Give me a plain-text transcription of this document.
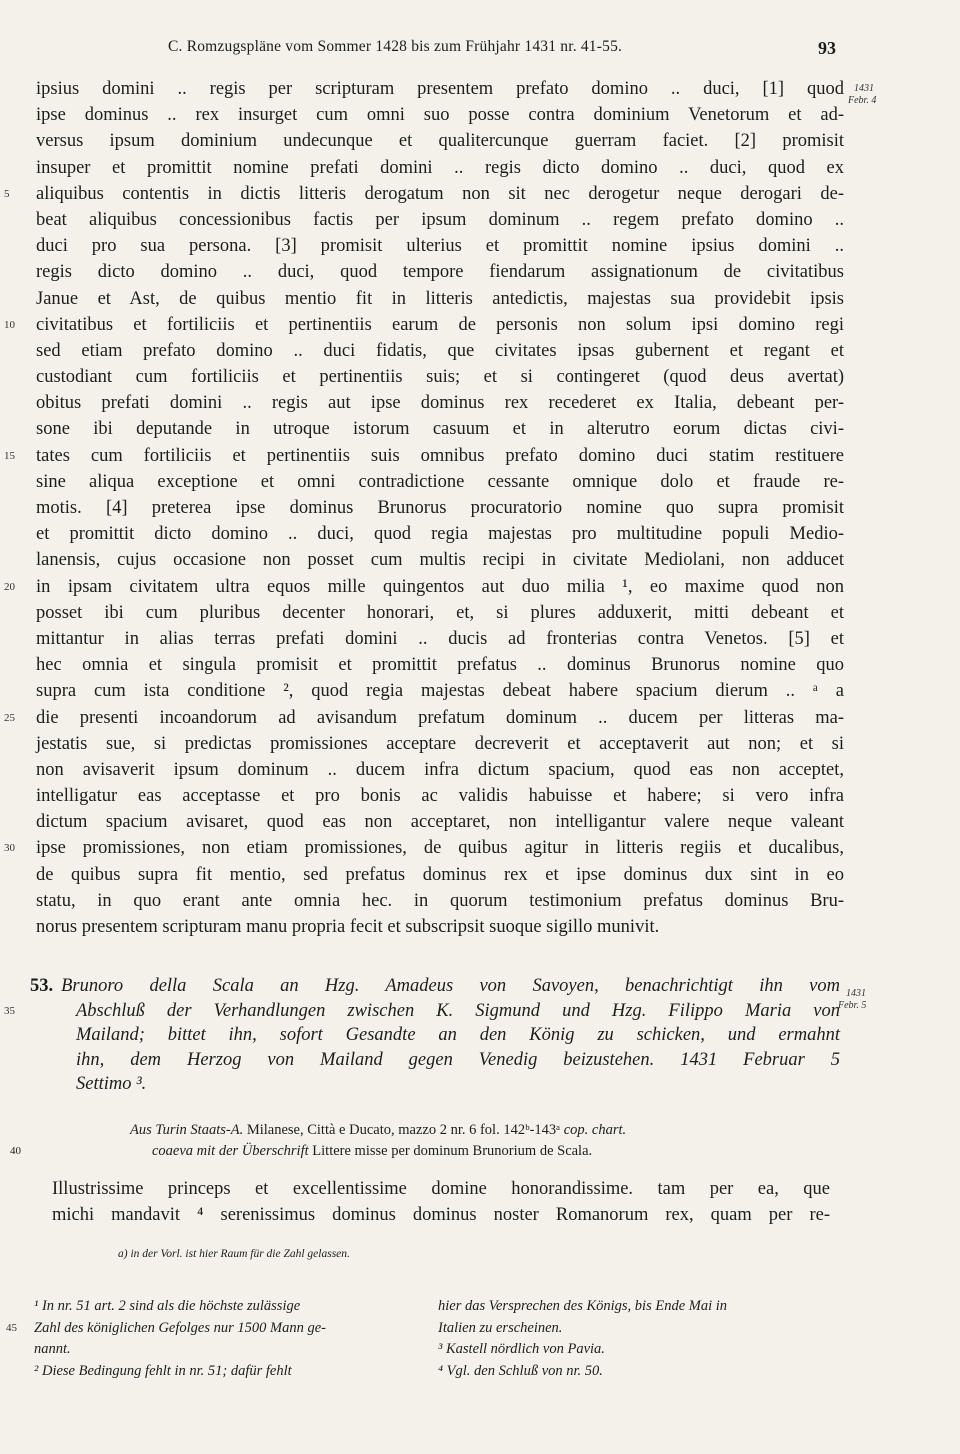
C. Romzugspläne vom Sommer 1428 bis zum Frühjahr 1431 nr. 41-55.	93
1431
Febr. 4
ipsius domini .. regis per scripturam presentem prefato domino .. duci, [1] quod
ipse dominus .. rex insurget cum omni suo posse contra dominium Venetorum et ad-
versus ipsum dominium undecunque et qualitercunque guerram faciet. [2] promisit
insuper et promittit nomine prefati domini .. regis dicto domino .. duci, quod ex
5 aliquibus contentis in dictis litteris derogatum non sit nec derogetur neque derogari de-
beat aliquibus concessionibus factis per ipsum dominum .. regem prefato domino ..
duci pro sua persona. [3] promisit ulterius et promittit nomine ipsius domini ..
regis dicto domino .. duci, quod tempore fiendarum assignationum de civitatibus
Janue et Ast, de quibus mentio fit in litteris antedictis, majestas sua providebit ipsis
10 civitatibus et fortiliciis et pertinentiis earum de personis non solum ipsi domino regi
sed etiam prefato domino .. duci fidatis, que civitates ipsas gubernent et regant et
custodiant cum fortiliciis et pertinentiis suis; et si contingeret (quod deus avertat)
obitus prefati domini .. regis aut ipse dominus rex recederet ex Italia, debeant per-
sone ibi deputande in utroque istorum casuum et in alterutro eorum dictas civi-
15 tates cum fortiliciis et pertinentiis suis omnibus prefato domino duci statim restituere
sine aliqua exceptione et omni contradictione cessante omnique dolo et fraude re-
motis. [4] preterea ipse dominus Brunorus procuratorio nomine quo supra promisit
et promittit dicto domino .. duci, quod regia majestas pro multitudine populi Medio-
lanensis, cujus occasione non posset cum multis recipi in civitate Mediolani, non adducet
20 in ipsam civitatem ultra equos mille quingentos aut duo milia ¹, eo maxime quod non
posset ibi cum pluribus decenter honorari, et, si plures adduxerit, mitti debeant et
mittantur in alias terras prefati domini .. ducis ad fronterias contra Venetos. [5] et
hec omnia et singula promisit et promittit prefatus .. dominus Brunorus nomine quo
supra cum ista conditione ², quod regia majestas debeat habere spacium dierum .. ᵃ a
25 die presenti incoandorum ad avisandum prefatum dominum .. ducem per litteras ma-
jestatis sue, si predictas promissiones acceptare decreverit et acceptaverit aut non; et si
non avisaverit ipsum dominum .. ducem infra dictum spacium, quod eas non acceptet,
intelligatur eas acceptasse et pro bonis ac validis habuisse et habere; si vero infra
dictum spacium avisaret, quod eas non acceptaret, non intelligantur valere neque valeant
30 ipse promissiones, non etiam promissiones, de quibus agitur in litteris regiis et ducalibus,
de quibus supra fit mentio, sed prefatus dominus rex et ipse dominus dux sint in eo
statu, in quo erant ante omnia hec. in quorum testimonium prefatus dominus Bru-
norus presentem scripturam manu propria fecit et subscripsit suoque sigillo munivit.
1431
Febr. 5
53. Brunoro della Scala an Hzg. Amadeus von Savoyen, benachrichtigt ihn vom
35	Abschluß der Verhandlungen zwischen K. Sigmund und Hzg. Filippo Maria von
Mailand; bittet ihn, sofort Gesandte an den König zu schicken, und ermahnt
ihn, dem Herzog von Mailand gegen Venedig beizustehen. 1431 Februar 5
Settimo ³.
Aus Turin Staats-A. Milanese, Città e Ducato, mazzo 2 nr. 6 fol. 142ᵇ-143ᵃ cop. chart.
40	coaeva mit der Überschrift Littere misse per dominum Brunorium de Scala.
Illustrissime princeps et excellentissime domine honorandissime. tam per ea, que
michi mandavit ⁴ serenissimus dominus dominus noster Romanorum rex, quam per re-
a) in der Vorl. ist hier Raum für die Zahl gelassen.
¹ In nr. 51 art. 2 sind als die höchste zulässige
45 Zahl des königlichen Gefolges nur 1500 Mann ge-
nannt.
² Diese Bedingung fehlt in nr. 51; dafür fehlt
hier das Versprechen des Königs, bis Ende Mai in
Italien zu erscheinen.
³ Kastell nördlich von Pavia.
⁴ Vgl. den Schluß von nr. 50.
